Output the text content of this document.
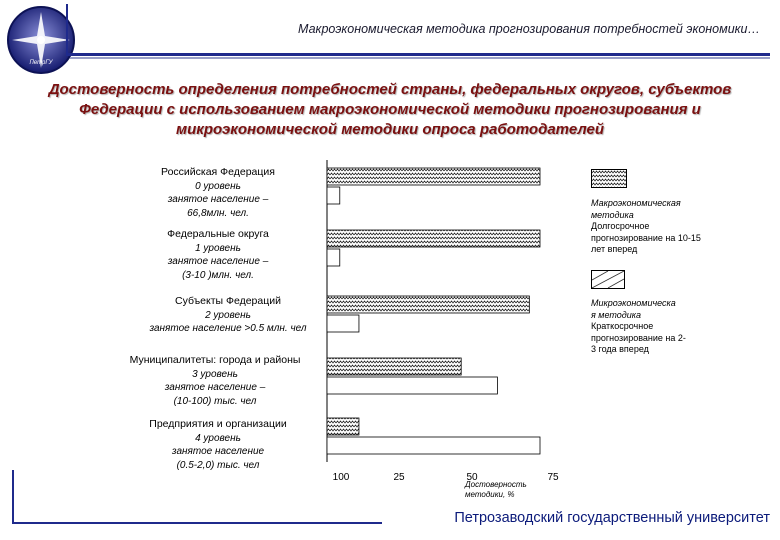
ПетрГУ
Макроэкономическая методика прогнозирования потребностей экономики…
Достоверность определения потребностей страны, федеральных округов, субъектов
Федерации с использованием макроэкономической методики прогнозирования и
микроэкономической методики опроса работодателей
Российская Федерация
0 уровень
занятое население –
66,8млн. чел.
Федеральные округа
1 уровень
занятое население –
(3-10 )млн. чел.
Субъекты Федераций
2 уровень
занятое население >0.5 млн. чел
Муниципалитеты: города и районы
3 уровень
занятое население –
(10-100) тыс. чел
Предприятия и организации
4 уровень
занятое население
(0.5-2,0) тыс. чел
100	25	50	75
Достоверность
методики, %
Макроэкономическая
методика
Долгосрочное
прогнозирование на 10-15
лет вперед
Микроэкономическа
я методика
Краткосрочное
прогнозирование на 2-
3 года вперед
Петрозаводский государственный университет
